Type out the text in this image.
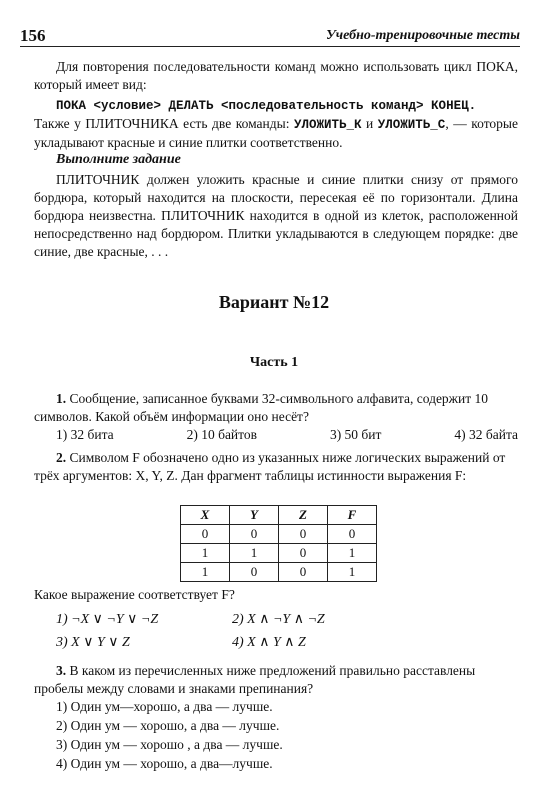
156	Учебно-тренировочные тесты
Для повторения последовательности команд можно использовать цикл ПОКА, который имеет вид:
ПОКА <условие> ДЕЛАТЬ <последовательность команд> КОНЕЦ.
Также у ПЛИТОЧНИКА есть две команды: УЛОЖИТЬ_К и УЛОЖИТЬ_С, — которые укладывают красные и синие плитки соответственно.
Выполните задание
ПЛИТОЧНИК должен уложить красные и синие плитки снизу от прямого бордюра, который находится на плоскости, пересекая её по горизонтали. Длина бордюра неизвестна. ПЛИТОЧНИК находится в одной из клеток, расположенной непосредственно над бордюром. Плитки укладываются в следующем порядке: две синие, две красные, . . .
Вариант №12
Часть 1
1. Сообщение, записанное буквами 32-символьного алфавита, содержит 10 символов. Какой объём информации оно несёт?
1) 32 бита	2) 10 байтов	3) 50 бит	4) 32 байта
2. Символом F обозначено одно из указанных ниже логических выражений от трёх аргументов: X, Y, Z. Дан фрагмент таблицы истинности выражения F:
X	Y	Z	F
0	0	0	0
1	1	0	1
1	0	0	1
Какое выражение соответствует F?
1) ¬X ∨ ¬Y ∨ ¬Z	2) X ∧ ¬Y ∧ ¬Z
3) X ∨ Y ∨ Z	4) X ∧ Y ∧ Z
3. В каком из перечисленных ниже предложений правильно расставлены пробелы между словами и знаками препинания?
1) Один ум—хорошо, а два — лучше.
2) Один ум — хорошо, а два — лучше.
3) Один ум — хорошо , а два — лучше.
4) Один ум — хорошо, а два—лучше.
